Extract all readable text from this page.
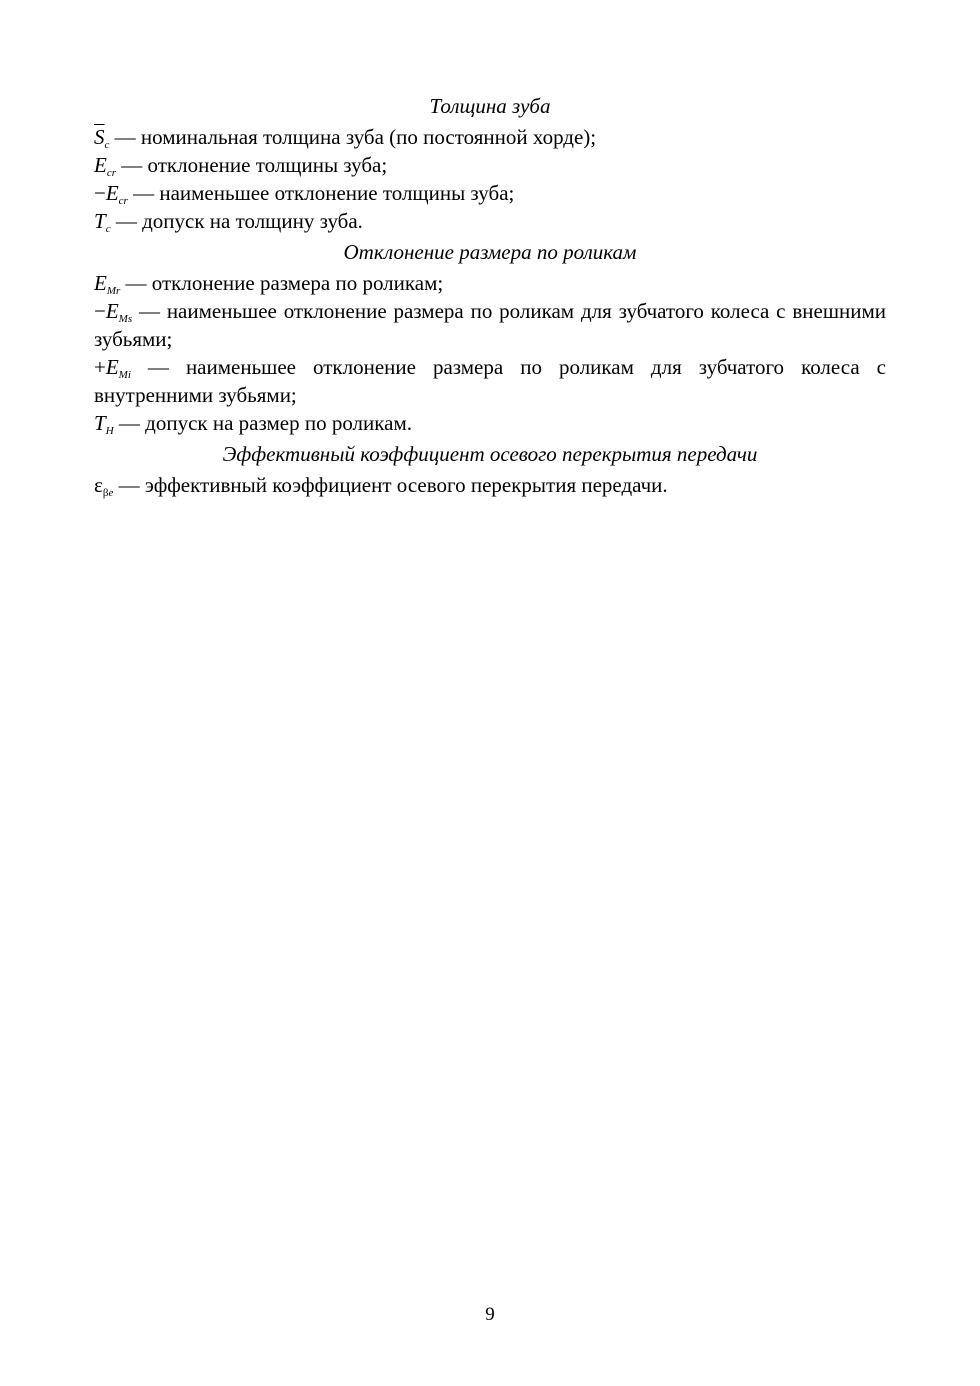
Толщина зуба

$\overline{S}_c$ — номинальная толщина зуба (по постоянной хорде);

$E_{cr}$ — отклонение толщины зуба;

$-E_{cr}$ — наименьшее отклонение толщины зуба;

$T_c$ — допуск на толщину зуба.

Отклонение размера по роликам

$E_{Mr}$ — отклонение размера по роликам;

$-E_{Ms}$ — наименьшее отклонение размера по роликам для зубчатого колеса с внешними зубьями;

$+E_{Mi}$ — наименьшее отклонение размера по роликам для зубчатого колеса с внутренними зубьями;

$T_H$ — допуск на размер по роликам.

Эффективный коэффициент осевого перекрытия передачи

$\varepsilon_{\beta e}$ — эффективный коэффициент осевого перекрытия передачи.

9
